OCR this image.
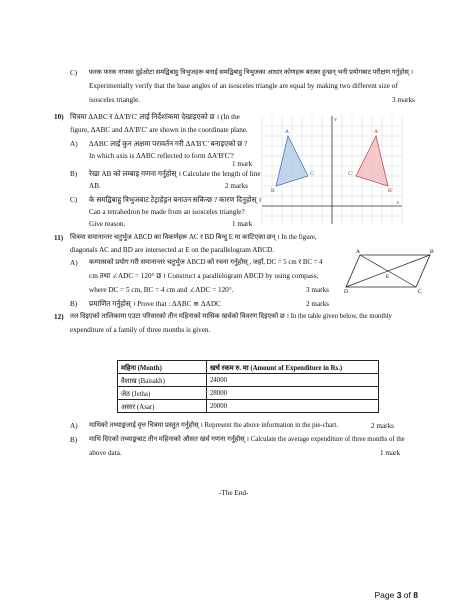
C) फरक फरक नापका दुईओटा समद्विबाहु त्रिभुजहरू बनाई समद्विबाहु त्रिभुजका आधार कोणहरू बराबर हुन्छन् भनी प्रयोगबाट परीक्षण गर्नुहोस् ।
Experimentally verify that the base angles of an isosceles triangle are equal by making two different size of
isosceles triangle.	3 marks
10) चित्रमा ΔABC र ΔA'B'C' लाई निर्देशांकमा देखाइएको छ । (In the
figure, ΔABC and ΔA'B'C' are shown in the coordinate plane.
A) ΔABC लाई कुन अक्षमा परावर्तन गरी ΔA'B'C' बनाइएको छ ?
In which axis is ΔABC reflected to form ΔA'B'C'?
1 mark
B) रेखा AB को लम्बाइ गणना गर्नुहोस् । Calculate the length of line
AB.	2 marks
C) के समद्विबाहु त्रिभुजबाट टेट्राहेड्रन बनाउन सकिन्छ ? कारण दिनुहोस् ।
Can a tetrahedron be made from an isosceles triangle?
Give reason.	1 mark
A
B
C
A'
B'
C'
X
Y
11) चित्रमा समानान्तर चतुर्भुज ABCD का विकर्णहरू AC र BD बिन्दु E मा काटिएका छन् । In the figure,
diagonals AC and BD are intersected at E on the parallelogram ABCD.
A) कम्पासको प्रयोग गरी समानान्तर चतुर्भुज ABCD को रचना गर्नुहोस् , जहाँ, DC = 5 cm र BC = 4
cm तथा ∠ADC = 120° छ । Construct a parallelogram ABCD by using compass,
where DC = 5 cm, BC = 4 cm and ∠ADC = 120°.	3 marks
B) प्रमाणित गर्नुहोस् । Prove that : ΔABC ≅ ΔADC	2 marks
A	B
C
D
E
12) तल दिइएको तालिकामा एउटा परिवारको तीन महिनाको मासिक खर्चको विवरण दिइएको छ । In the table given below, the monthly
expenditure of a family of three months is given.
महिना (Month)	खर्च रकम रु. मा (Amount of Expenditure in Rs.)
वैशाख (Baisakh)	24000
जेठ (Jetha)	28000
असार (Asar)	20000
A) माथिको तथ्याङ्कलाई वृत्त चित्रमा प्रस्तुत गर्नुहोस् । Represent the above information in the pie-chart.	2 marks
B) माथि दिएको तथ्याङ्कबाट तीन महिनाको औसत खर्च गणना गर्नुहोस् । Calculate the average expenditure of three months of the
above data.	1 mark
-The End-
Page 3 of 8
